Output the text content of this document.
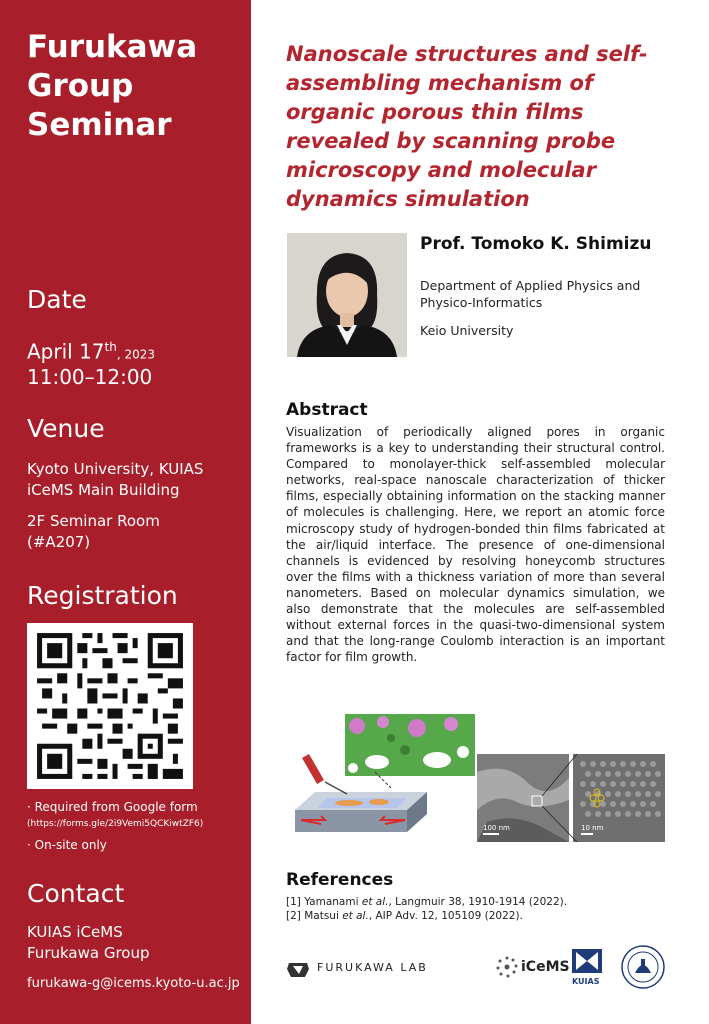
Furukawa
Group
Seminar
Date

April 17th, 2023

11:00–12:00

Venue

Kyoto University, KUIAS

iCeMS Main Building

2F Seminar Room

(#A207)

Registration

· Required from Google form

(https://forms.gle/2i9Vemi5QCKiwtZF6)

· On-site only

Contact

KUIAS iCeMS

Furukawa Group

furukawa-g@icems.kyoto-u.ac.jp

Nanoscale structures and self-assembling mechanism of organic porous thin films revealed by scanning probe microscopy and molecular dynamics simulation

Prof. Tomoko K. Shimizu

Department of Applied Physics and Physico-Informatics

Keio University

Abstract

Visualization of periodically aligned pores in organic frameworks is a key to understanding their structural control. Compared to monolayer-thick self-assembled molecular networks, real-space nanoscale characterization of thicker films, especially obtaining information on the stacking manner of molecules is challenging. Here, we report an atomic force microscopy study of hydrogen-bonded thin films fabricated at the air/liquid interface. The presence of one-dimensional channels is evidenced by resolving honeycomb structures over the films with a thickness variation of more than several nanometers. Based on molecular dynamics simulation, we also demonstrate that the molecules are self-assembled without external forces in the quasi-two-dimensional system and that the long-range Coulomb interaction is an important factor for film growth.

100 nm	10 nm

References

[1] Yamanami et al., Langmuir 38, 1910-1914 (2022).
[2] Matsui et al., AIP Adv. 12, 105109 (2022).
FURUKAWA LAB	iCeMS
KUIAS
